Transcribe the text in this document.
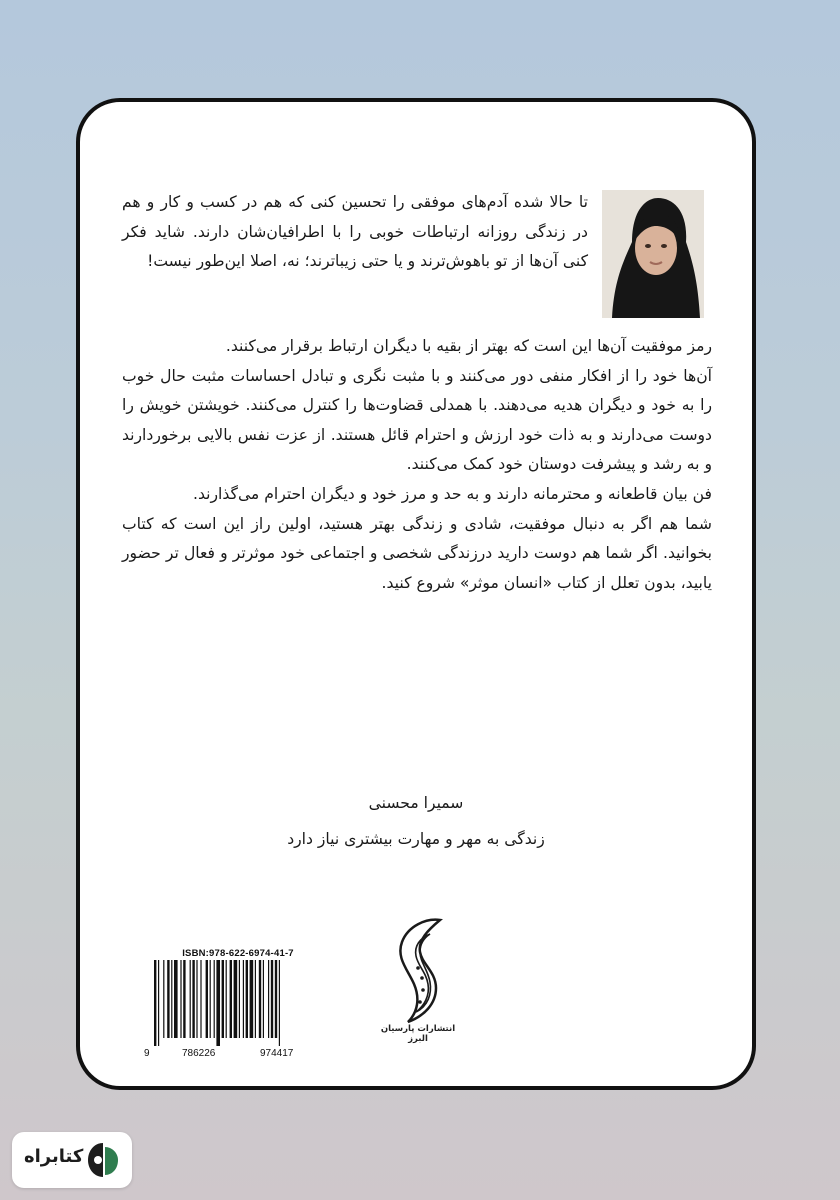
تا حالا شده آدم‌های موفقی را تحسین کنی که هم در کسب و کار و هم در زندگی روزانه ارتباطات خوبی را با اطرافیان‌شان دارند. شاید فکر کنی آن‌ها از تو باهوش‌ترند و یا حتی زیباترند؛ نه، اصلا این‌طور نیست!

رمز موفقیت آن‌ها این است که بهتر از بقیه با دیگران ارتباط برقرار می‌کنند.

آن‌ها خود را از افکار منفی دور می‌کنند و با مثبت نگری و تبادل احساسات مثبت حال خوب را به خود و دیگران هدیه می‌دهند. با همدلی قضاوت‌ها را کنترل می‌کنند. خویشتن خویش را دوست می‌دارند و به ذات خود ارزش و احترام قائل هستند. از عزت نفس بالایی برخوردارند و به رشد و پیشرفت دوستان خود کمک می‌کنند.

فن بیان قاطعانه و محترمانه دارند و به حد و مرز خود و دیگران احترام می‌گذارند.

شما هم اگر به دنبال موفقیت، شادی و زندگی بهتر هستید، اولین راز این است که کتاب بخوانید. اگر شما هم دوست دارید درزندگی شخصی و اجتماعی خود موثرتر و فعال تر حضور یابید، بدون تعلل از کتاب «انسان موثر» شروع کنید.

سمیرا محسنی
زندگی به مهر و مهارت بیشتری نیاز دارد
ISBN:978-622-6974-41-7
9	786226	974417
انتشارات پارسیان البرز
کتابراه
